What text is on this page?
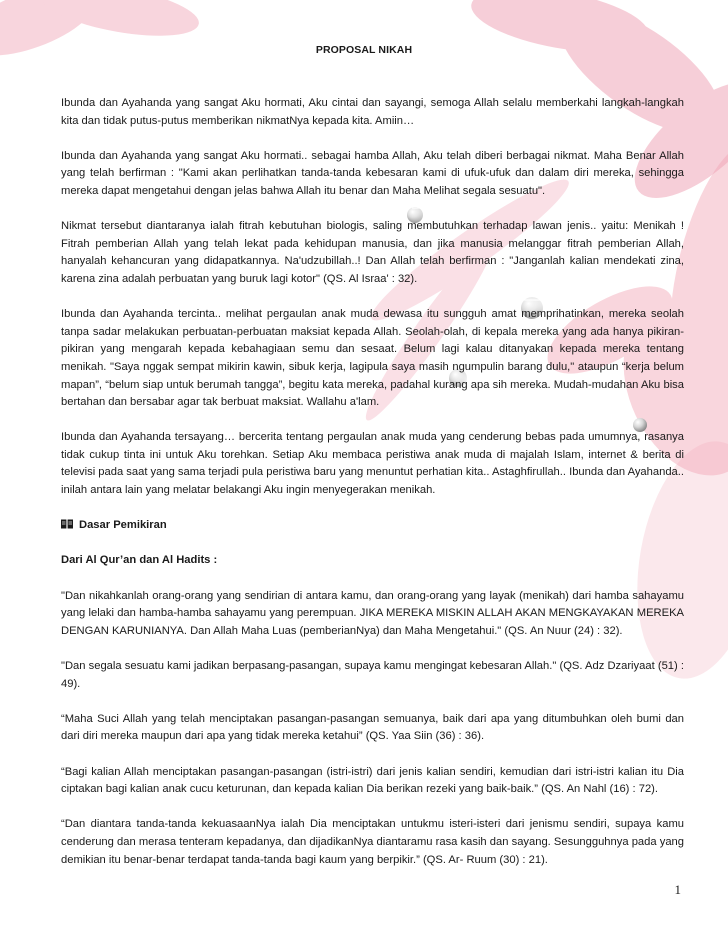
PROPOSAL NIKAH

Ibunda dan Ayahanda yang sangat Aku hormati, Aku cintai dan sayangi, semoga Allah selalu memberkahi langkah-langkah kita dan tidak putus-putus memberikan nikmatNya kepada kita. Amiin…

Ibunda dan Ayahanda yang sangat Aku hormati.. sebagai hamba Allah, Aku telah diberi berbagai nikmat. Maha Benar Allah yang telah berfirman : "Kami akan perlihatkan tanda-tanda kebesaran kami di ufuk-ufuk dan dalam diri mereka, sehingga mereka dapat mengetahui dengan jelas bahwa Allah itu benar dan Maha Melihat segala sesuatu".

Nikmat tersebut diantaranya ialah fitrah kebutuhan biologis, saling membutuhkan terhadap lawan jenis.. yaitu: Menikah ! Fitrah pemberian Allah yang telah lekat pada kehidupan manusia, dan jika manusia melanggar fitrah pemberian Allah, hanyalah kehancuran yang didapatkannya. Na'udzubillah..! Dan Allah telah berfirman : "Janganlah kalian mendekati zina, karena zina adalah perbuatan yang buruk lagi kotor" (QS. Al Israa' : 32).

Ibunda dan Ayahanda tercinta.. melihat pergaulan anak muda dewasa itu sungguh amat memprihatinkan, mereka seolah tanpa sadar melakukan perbuatan-perbuatan maksiat kepada Allah. Seolah-olah, di kepala mereka yang ada hanya pikiran-pikiran yang mengarah kepada kebahagiaan semu dan sesaat. Belum lagi kalau ditanyakan kepada mereka tentang menikah. "Saya nggak sempat mikirin kawin, sibuk kerja, lagipula saya masih ngumpulin barang dulu," ataupun “kerja belum mapan”, “belum siap untuk berumah tangga”, begitu kata mereka, padahal kurang apa sih mereka. Mudah-mudahan Aku bisa bertahan dan bersabar agar tak berbuat maksiat. Wallahu a'lam.

Ibunda dan Ayahanda tersayang… bercerita tentang pergaulan anak muda yang cenderung bebas pada umumnya, rasanya tidak cukup tinta ini untuk Aku torehkan. Setiap Aku membaca peristiwa anak muda di majalah Islam, internet & berita di televisi pada saat yang sama terjadi pula peristiwa baru yang menuntut perhatian kita.. Astaghfirullah.. Ibunda dan Ayahanda.. inilah antara lain yang melatar belakangi Aku ingin menyegerakan menikah.

Dasar Pemikiran

Dari Al Qur’an dan Al Hadits :

"Dan nikahkanlah orang-orang yang sendirian di antara kamu, dan orang-orang yang layak (menikah) dari hamba sahayamu yang lelaki dan hamba-hamba sahayamu yang perempuan. JIKA MEREKA MISKIN ALLAH AKAN MENGKAYAKAN MEREKA DENGAN KARUNIANYA. Dan Allah Maha Luas (pemberianNya) dan Maha Mengetahui." (QS. An Nuur (24) : 32).

"Dan segala sesuatu kami jadikan berpasang-pasangan, supaya kamu mengingat kebesaran Allah." (QS. Adz Dzariyaat (51) : 49).

“Maha Suci Allah yang telah menciptakan pasangan-pasangan semuanya, baik dari apa yang ditumbuhkan oleh bumi dan dari diri mereka maupun dari apa yang tidak mereka ketahui” (QS. Yaa Siin (36) : 36).

“Bagi kalian Allah menciptakan pasangan-pasangan (istri-istri) dari jenis kalian sendiri, kemudian dari istri-istri kalian itu Dia ciptakan bagi kalian anak cucu keturunan, dan kepada kalian Dia berikan rezeki yang baik-baik.” (QS. An Nahl (16) : 72).

“Dan diantara tanda-tanda kekuasaanNya ialah Dia menciptakan untukmu isteri-isteri dari jenismu sendiri, supaya kamu cenderung dan merasa tenteram kepadanya, dan dijadikanNya diantaramu rasa kasih dan sayang. Sesungguhnya pada yang demikian itu benar-benar terdapat tanda-tanda bagi kaum yang berpikir.” (QS. Ar- Ruum (30) : 21).

1
